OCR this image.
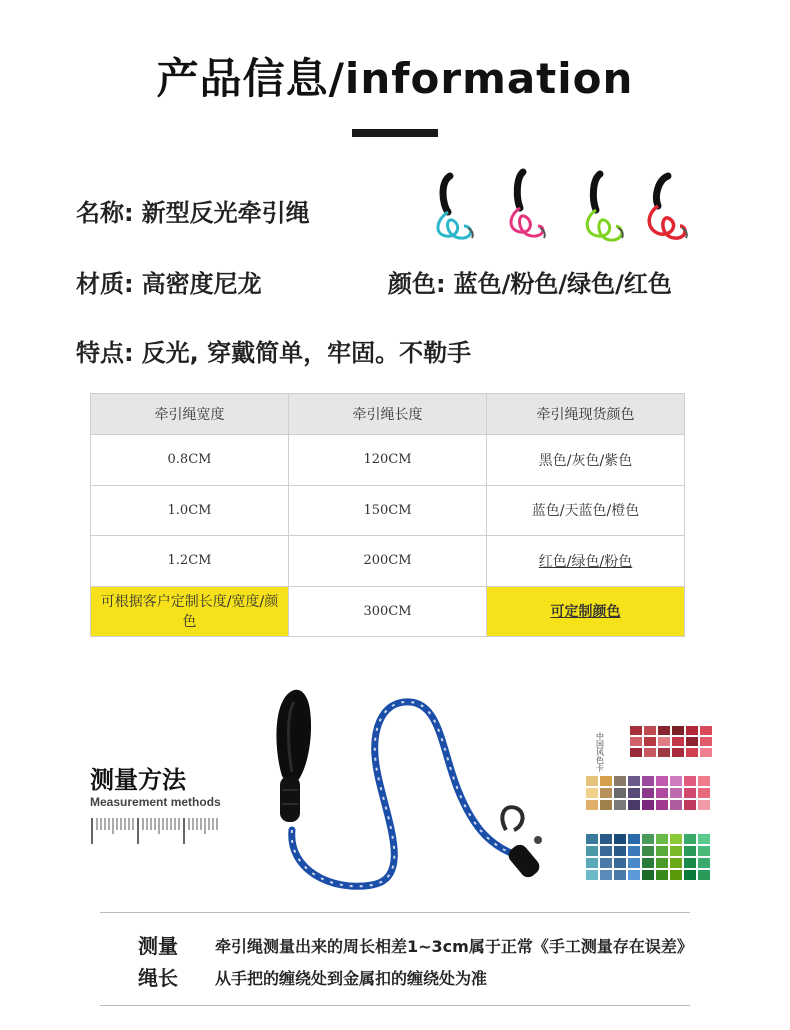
产品信息/information
名称: 新型反光牵引绳
材质: 高密度尼龙	颜色: 蓝色/粉色/绿色/红色
特点: 反光, 穿戴简单，牢固。不勒手
牵引绳宽度	牵引绳长度	牵引绳现货颜色
0.8CM	120CM	黑色/灰色/紫色
1.0CM	150CM	蓝色/天蓝色/橙色
1.2CM	200CM	红色/绿色/粉色
可根据客户定制长度/宽度/颜色	300CM	可定制颜色
测量方法
Measurement methods
中国风色卡
测量
绳长
牵引绳测量出来的周长相差1~3cm属于正常《手工测量存在误差》
从手把的缠绕处到金属扣的缠绕处为准
